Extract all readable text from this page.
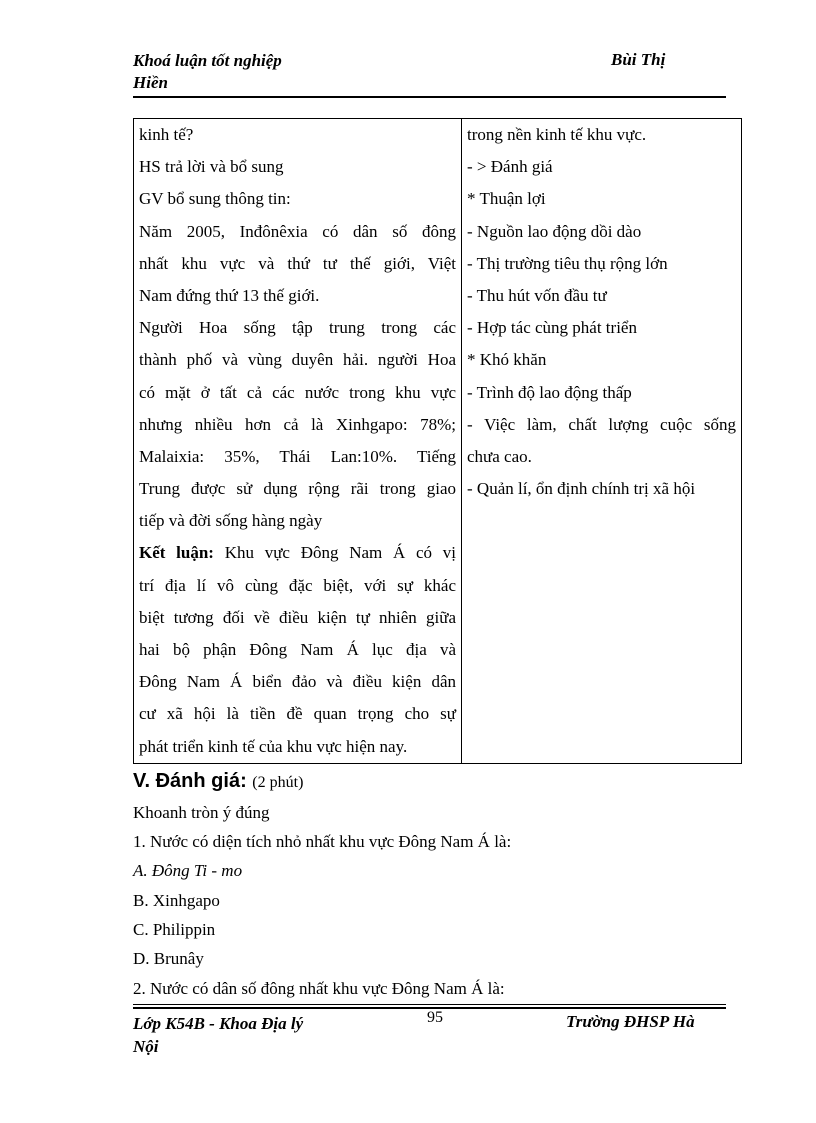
Khoá luận tốt nghiệp
Hiền
Bùi Thị
kinh tế?
HS trả lời và bổ sung
GV bổ sung thông tin:
Năm 2005, Inđônêxia có dân số đông
nhất khu vực và thứ tư thế giới, Việt
Nam đứng thứ 13 thế giới.
Người Hoa sống tập trung trong các
thành phố và vùng duyên hải. người Hoa
có mặt ở tất cả các nước trong khu vực
nhưng nhiều hơn cả là Xinhgapo: 78%;
Malaixia: 35%, Thái Lan:10%. Tiếng
Trung được sử dụng rộng rãi trong giao
tiếp và đời sống hàng ngày
Kết luận: Khu vực Đông Nam Á có vị
trí địa lí vô cùng đặc biệt, với sự khác
biệt tương đối về điều kiện tự nhiên giữa
hai bộ phận Đông Nam Á lục địa và
Đông Nam Á biển đảo và điều kiện dân
cư xã hội là tiền đề quan trọng cho sự
phát triển kinh tế của khu vực hiện nay.

trong nền kinh tế khu vực.
- > Đánh giá
* Thuận lợi
- Nguồn lao động dồi dào
- Thị trường tiêu thụ rộng lớn
- Thu hút vốn đầu tư
- Hợp tác cùng phát triển
* Khó khăn
- Trình độ lao động thấp
- Việc làm, chất lượng cuộc sống
chưa cao.
- Quản lí, ổn định chính trị xã hội
V. Đánh giá: (2 phút)
Khoanh tròn ý đúng
1. Nước có diện tích nhỏ nhất khu vực Đông Nam Á là:
A. Đông Ti - mo
B. Xinhgapo
C. Philippin
D. Brunây
2. Nước có dân số đông nhất khu vực Đông Nam Á là:
Lớp K54B - Khoa Địa lý
Nội
95	Trường ĐHSP Hà
